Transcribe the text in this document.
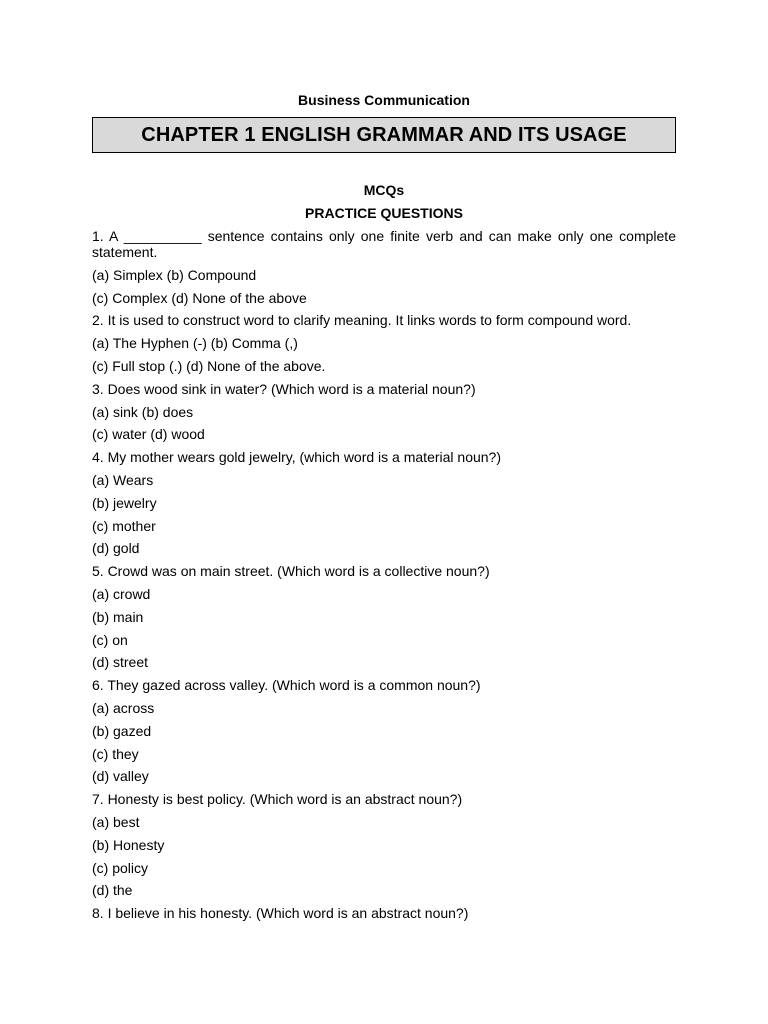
Business Communication

CHAPTER 1 ENGLISH GRAMMAR AND ITS USAGE

MCQs

PRACTICE QUESTIONS

1. A __________ sentence contains only one finite verb and can make only one complete

statement.

(a) Simplex (b) Compound

(c) Complex (d) None of the above

2. It is used to construct word to clarify meaning. It links words to form compound word.

(a) The Hyphen (-) (b) Comma (,)

(c) Full stop (.) (d) None of the above.

3. Does wood sink in water? (Which word is a material noun?)

(a) sink (b) does

(c) water (d) wood

4. My mother wears gold jewelry, (which word is a material noun?)

(a) Wears

(b) jewelry

(c) mother

(d) gold

5. Crowd was on main street. (Which word is a collective noun?)

(a) crowd

(b) main

(c) on

(d) street

6. They gazed across valley. (Which word is a common noun?)

(a) across

(b) gazed

(c) they

(d) valley

7. Honesty is best policy. (Which word is an abstract noun?)

(a) best

(b) Honesty

(c) policy

(d) the

8. I believe in his honesty. (Which word is an abstract noun?)
